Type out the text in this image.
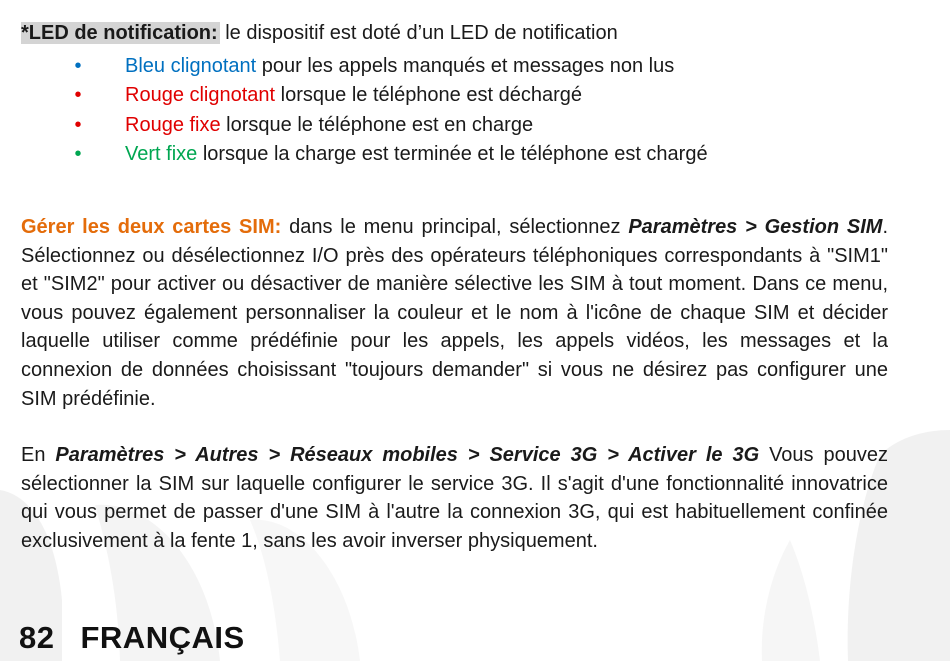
*LED de notification: le dispositif est doté d’un LED de notification

• Bleu clignotant pour les appels manqués et messages non lus
• Rouge clignotant lorsque le téléphone est déchargé
• Rouge fixe lorsque le téléphone est en charge
• Vert fixe lorsque la charge est terminée et le téléphone est chargé

Gérer les deux cartes SIM: dans le menu principal, sélectionnez Paramètres > Gestion SIM. Sélectionnez ou désélectionnez I/O près des opérateurs téléphoniques correspondants à "SIM1" et "SIM2" pour activer ou désactiver de manière sélective les SIM à tout moment. Dans ce menu, vous pouvez également personnaliser la couleur et le nom à l'icône de chaque SIM et décider laquelle utiliser comme prédéfinie pour les appels, les appels vidéos, les messages et la connexion de données choisissant "toujours demander" si vous ne désirez pas configurer une SIM prédéfinie.

En Paramètres > Autres > Réseaux mobiles > Service 3G > Activer le 3G Vous pouvez sélectionner la SIM sur laquelle configurer le service 3G. Il s'agit d'une fonctionnalité innovatrice qui vous permet de passer d'une SIM à l'autre la connexion 3G, qui est habituellement confinée exclusivement à la fente 1, sans les avoir inverser physiquement.

82 FRANÇAIS
